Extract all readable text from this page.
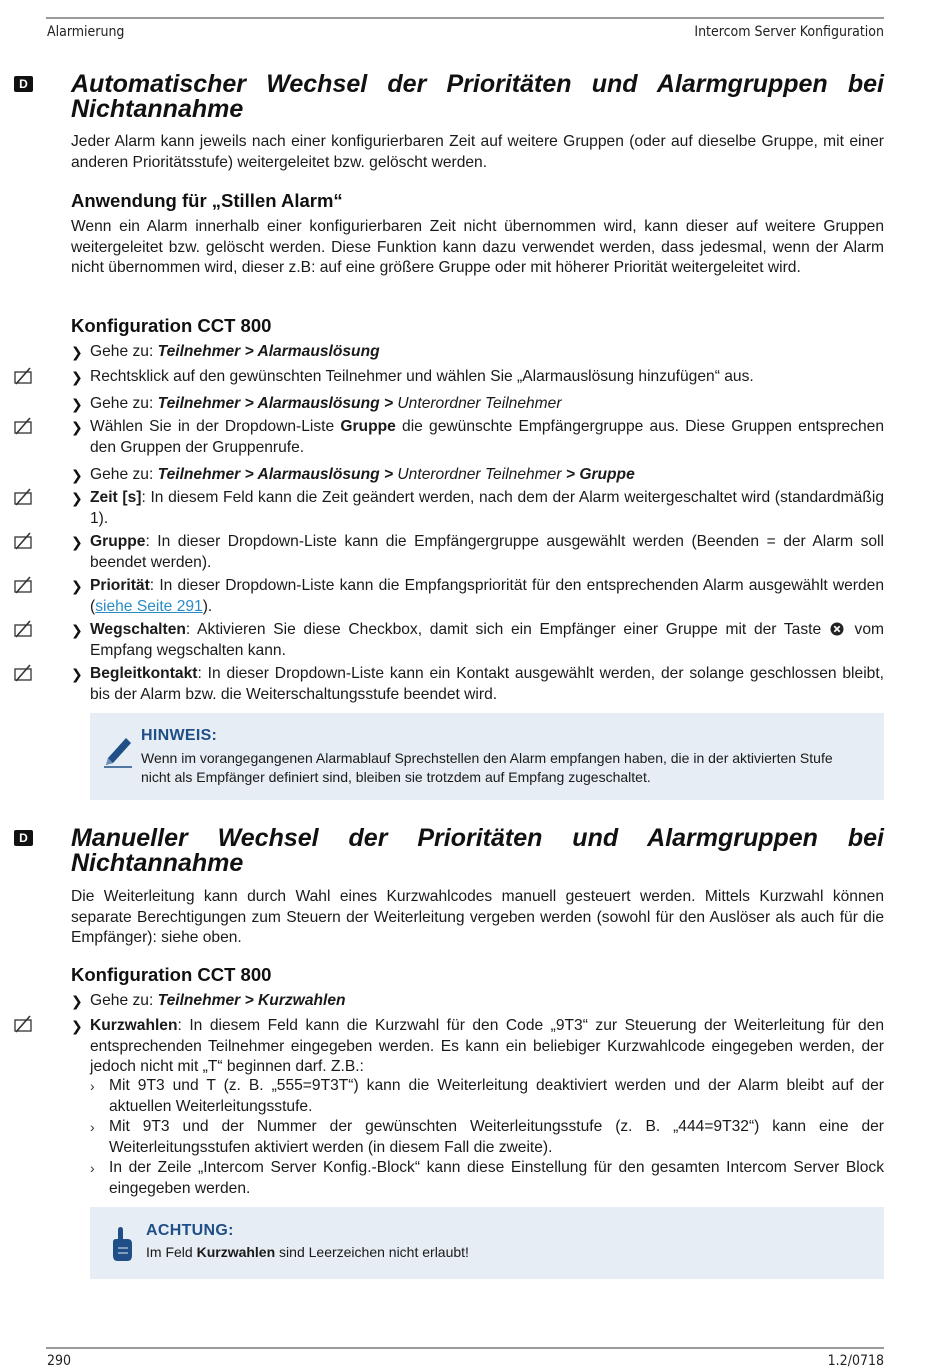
Alarmierung	Intercom Server Konfiguration
D Automatischer Wechsel der Prioritäten und Alarmgruppen bei Nichtannahme
Jeder Alarm kann jeweils nach einer konfigurierbaren Zeit auf weitere Gruppen (oder auf dieselbe Gruppe, mit einer anderen Prioritätsstufe) weitergeleitet bzw. gelöscht werden.
Anwendung für „Stillen Alarm“
Wenn ein Alarm innerhalb einer konfigurierbaren Zeit nicht übernommen wird, kann dieser auf weitere Gruppen weitergeleitet bzw. gelöscht werden. Diese Funktion kann dazu verwendet werden, dass jedesmal, wenn der Alarm nicht übernommen wird, dieser z.B: auf eine größere Gruppe oder mit höherer Priorität weitergeleitet wird.
Konfiguration CCT 800
❯ Gehe zu: Teilnehmer > Alarmauslösung
❯ Rechtsklick auf den gewünschten Teilnehmer und wählen Sie „Alarmauslösung hinzufügen“ aus.
❯ Gehe zu: Teilnehmer > Alarmauslösung > Unterordner Teilnehmer
❯ Wählen Sie in der Dropdown-Liste Gruppe die gewünschte Empfängergruppe aus. Diese Gruppen entsprechen den Gruppen der Gruppenrufe.
❯ Gehe zu: Teilnehmer > Alarmauslösung > Unterordner Teilnehmer > Gruppe
❯ Zeit [s]: In diesem Feld kann die Zeit geändert werden, nach dem der Alarm weitergeschaltet wird (standardmäßig 1).
❯ Gruppe: In dieser Dropdown-Liste kann die Empfängergruppe ausgewählt werden (Beenden = der Alarm soll beendet werden).
❯ Priorität: In dieser Dropdown-Liste kann die Empfangspriorität für den entsprechenden Alarm ausgewählt werden (siehe Seite 291).
❯ Wegschalten: Aktivieren Sie diese Checkbox, damit sich ein Empfänger einer Gruppe mit der Taste  vom Empfang wegschalten kann.
❯ Begleitkontakt: In dieser Dropdown-Liste kann ein Kontakt ausgewählt werden, der solange geschlossen bleibt, bis der Alarm bzw. die Weiterschaltungsstufe beendet wird.
HINWEIS:
Wenn im vorangegangenen Alarmablauf Sprechstellen den Alarm empfangen haben, die in der aktivierten Stufe nicht als Empfänger definiert sind, bleiben sie trotzdem auf Empfang zugeschaltet.
D Manueller Wechsel der Prioritäten und Alarmgruppen bei Nichtannahme
Die Weiterleitung kann durch Wahl eines Kurzwahlcodes manuell gesteuert werden. Mittels Kurzwahl können separate Berechtigungen zum Steuern der Weiterleitung vergeben werden (sowohl für den Auslöser als auch für die Empfänger): siehe oben.
Konfiguration CCT 800
❯ Gehe zu: Teilnehmer > Kurzwahlen
❯ Kurzwahlen: In diesem Feld kann die Kurzwahl für den Code „9T3“ zur Steuerung der Weiterleitung für den entsprechenden Teilnehmer eingegeben werden. Es kann ein beliebiger Kurzwahlcode eingegeben werden, der jedoch nicht mit „T“ beginnen darf. Z.B.:
› Mit 9T3 und T (z. B. „555=9T3T“) kann die Weiterleitung deaktiviert werden und der Alarm bleibt auf der aktuellen Weiterleitungsstufe.
› Mit 9T3 und der Nummer der gewünschten Weiterleitungsstufe (z. B. „444=9T32“) kann eine der Weiterleitungsstufen aktiviert werden (in diesem Fall die zweite).
› In der Zeile „Intercom Server Konfig.-Block“ kann diese Einstellung für den gesamten Intercom Server Block eingegeben werden.
ACHTUNG:
Im Feld Kurzwahlen sind Leerzeichen nicht erlaubt!
290	1.2/0718
